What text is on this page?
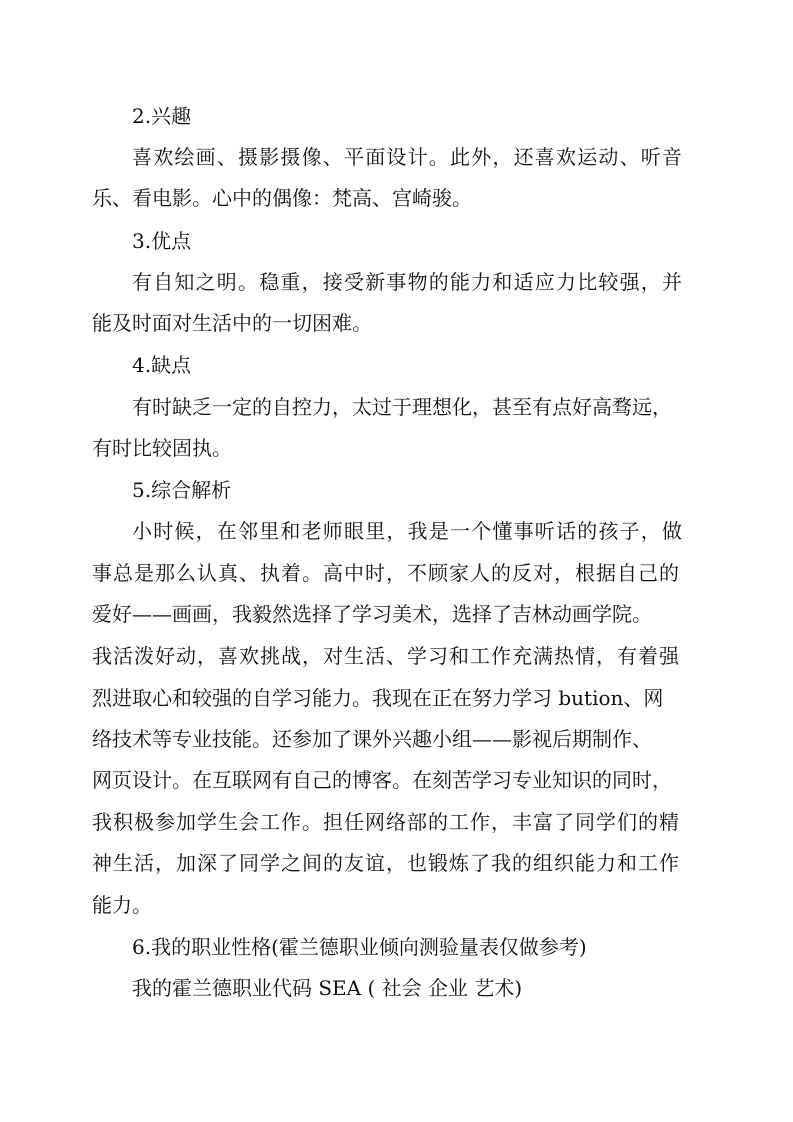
2.兴趣
喜欢绘画、摄影摄像、平面设计。此外，还喜欢运动、听音
乐、看电影。心中的偶像：梵高、宫崎骏。
3.优点
有自知之明。稳重，接受新事物的能力和适应力比较强，并
能及时面对生活中的一切困难。
4.缺点
有时缺乏一定的自控力，太过于理想化，甚至有点好高骛远，
有时比较固执。
5.综合解析
小时候，在邻里和老师眼里，我是一个懂事听话的孩子，做
事总是那么认真、执着。高中时，不顾家人的反对，根据自己的
爱好——画画，我毅然选择了学习美术，选择了吉林动画学院。
我活泼好动，喜欢挑战，对生活、学习和工作充满热情，有着强
烈进取心和较强的自学习能力。我现在正在努力学习 bution、网
络技术等专业技能。还参加了课外兴趣小组——影视后期制作、
网页设计。在互联网有自己的博客。在刻苦学习专业知识的同时，
我积极参加学生会工作。担任网络部的工作，丰富了同学们的精
神生活，加深了同学之间的友谊，也锻炼了我的组织能力和工作
能力。
6.我的职业性格(霍兰德职业倾向测验量表仅做参考)
我的霍兰德职业代码 SEA ( 社会 企业 艺术)
